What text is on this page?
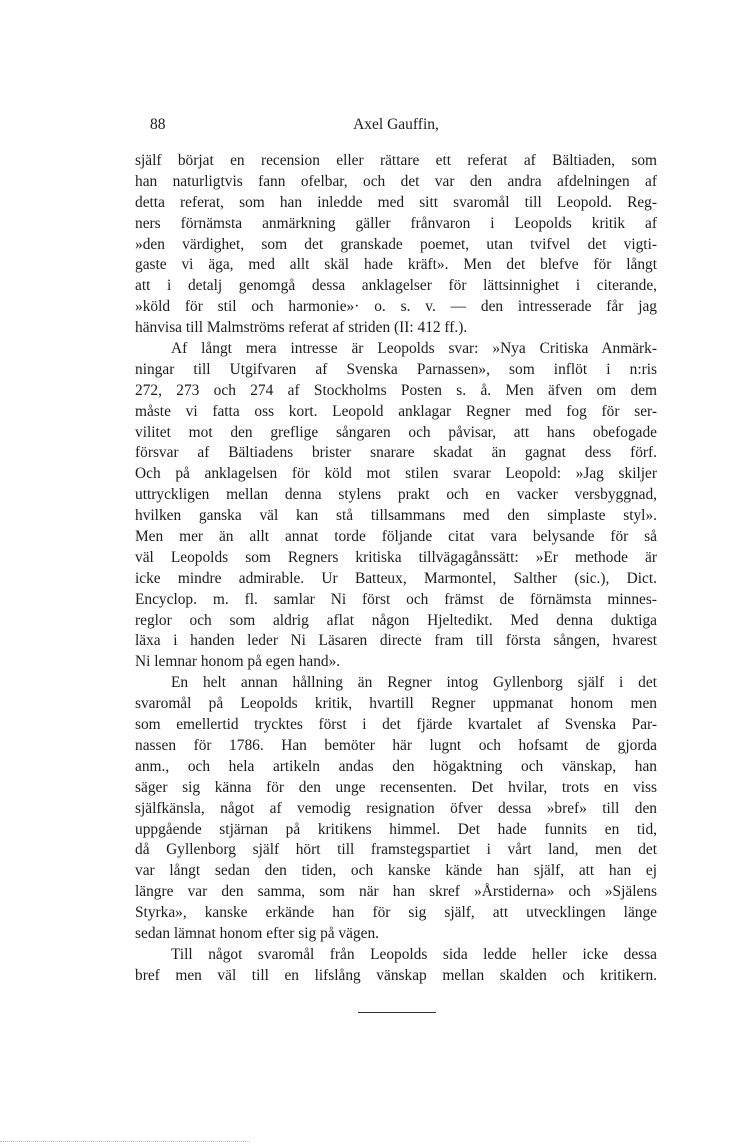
88	Axel Gauffin,
själf börjat en recension eller rättare ett referat af Bältiaden, som
han naturligtvis fann ofelbar, och det var den andra afdelningen af
detta referat, som han inledde med sitt svaromål till Leopold. Reg-
ners förnämsta anmärkning gäller frånvaron i Leopolds kritik af
»den värdighet, som det granskade poemet, utan tvifvel det vigti-
gaste vi äga, med allt skäl hade kräft». Men det blefve för långt
att i detalj genomgå dessa anklagelser för lättsinnighet i citerande,
»köld för stil och harmonie»· o. s. v. — den intresserade får jag
hänvisa till Malmströms referat af striden (II: 412 ff.).
Af långt mera intresse är Leopolds svar: »Nya Critiska Anmärk-
ningar till Utgifvaren af Svenska Parnassen», som inflöt i n:ris
272, 273 och 274 af Stockholms Posten s. å. Men äfven om dem
måste vi fatta oss kort. Leopold anklagar Regner med fog för ser-
vilitet mot den greflige sångaren och påvisar, att hans obefogade
försvar af Bältiadens brister snarare skadat än gagnat dess förf.
Och på anklagelsen för köld mot stilen svarar Leopold: »Jag skiljer
uttryckligen mellan denna stylens prakt och en vacker versbyggnad,
hvilken ganska väl kan stå tillsammans med den simplaste styl».
Men mer än allt annat torde följande citat vara belysande för så
väl Leopolds som Regners kritiska tillvägagånssätt: »Er methode är
icke mindre admirable. Ur Batteux, Marmontel, Salther (sic.), Dict.
Encyclop. m. fl. samlar Ni först och främst de förnämsta minnes-
reglor och som aldrig aflat någon Hjeltedikt. Med denna duktiga
läxa i handen leder Ni Läsaren directe fram till första sången, hvarest
Ni lemnar honom på egen hand».
En helt annan hållning än Regner intog Gyllenborg själf i det
svaromål på Leopolds kritik, hvartill Regner uppmanat honom men
som emellertid trycktes först i det fjärde kvartalet af Svenska Par-
nassen för 1786. Han bemöter här lugnt och hofsamt de gjorda
anm., och hela artikeln andas den högaktning och vänskap, han
säger sig känna för den unge recensenten. Det hvilar, trots en viss
själfkänsla, något af vemodig resignation öfver dessa »bref» till den
uppgående stjärnan på kritikens himmel. Det hade funnits en tid,
då Gyllenborg själf hört till framstegspartiet i vårt land, men det
var långt sedan den tiden, och kanske kände han själf, att han ej
längre var den samma, som när han skref »Årstiderna» och »Själens
Styrka», kanske erkände han för sig själf, att utvecklingen länge
sedan lämnat honom efter sig på vägen.
Till något svaromål från Leopolds sida ledde heller icke dessa
bref men väl till en lifslång vänskap mellan skalden och kritikern.
